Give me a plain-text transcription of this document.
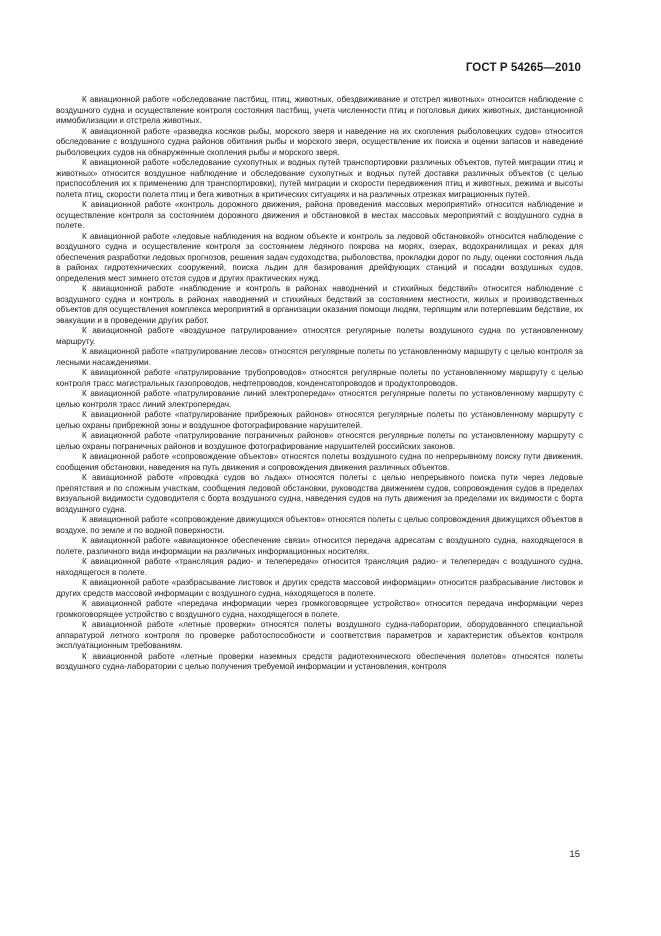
ГОСТ Р 54265—2010

К авиационной работе «обследование пастбищ, птиц, животных, обездвиживание и отстрел животных» относится наблюдение с воздушного судна и осуществление контроля состояния пастбищ, учета численности птиц и поголовья диких животных, дистанционной иммобилизации и отстрела животных.

К авиационной работе «разведка косяков рыбы, морского зверя и наведение на их скопления рыболовецких судов» относится обследование с воздушного судна районов обитания рыбы и морского зверя, осуществление их поиска и оценки запасов и наведение рыболовецких судов на обнаруженные скопления рыбы и морского зверя.

К авиационной работе «обследование сухопутных и водных путей транспортировки различных объектов, путей миграции птиц и животных» относится воздушное наблюдение и обследование сухопутных и водных путей доставки различных объектов (с целью приспособления их к применению для транспортировки), путей миграции и скорости передвижения птиц и животных, режима и высоты полета птиц, скорости полета птиц и бега животных в критических ситуациях и на различных отрезках миграционных путей.

К авиационной работе «контроль дорожного движения, района проведения массовых мероприятий» относится наблюдение и осуществление контроля за состоянием дорожного движения и обстановкой в местах массовых мероприятий с воздушного судна в полете.

К авиационной работе «ледовые наблюдения на водном объекте и контроль за ледовой обстановкой» относится наблюдение с воздушного судна и осуществление контроля за состоянием ледяного покрова на морях, озерах, водохранилищах и реках для обеспечения разработки ледовых прогнозов, решения задач судоходства, рыболовства, прокладки дорог по льду, оценки состояния льда в районах гидротехнических сооружений, поиска льдин для базирования дрейфующих станций и посадки воздушных судов, определения мест зимнего отстоя судов и других практических нужд.

К авиационной работе «наблюдение и контроль в районах наводнений и стихийных бедствий» относится наблюдение с воздушного судна и контроль в районах наводнений и стихийных бедствий за состоянием местности, жилых и производственных объектов для осуществления комплекса мероприятий в организации оказания помощи людям, терпящим или потерпевшим бедствие, их эвакуации и в проведении других работ.

К авиационной работе «воздушное патрулирование» относятся регулярные полеты воздушного судна по установленному маршруту.

К авиационной работе «патрулирование лесов» относятся регулярные полеты по установленному маршруту с целью контроля за лесными насаждениями.

К авиационной работе «патрулирование трубопроводов» относятся регулярные полеты по установленному маршруту с целью контроля трасс магистральных газопроводов, нефтепроводов, конденсатопроводов и продуктопроводов.

К авиационной работе «патрулирование линий электропередач» относятся регулярные полеты по установленному маршруту с целью контроля трасс линий электропередач.

К авиационной работе «патрулирование прибрежных районов» относятся регулярные полеты по установленному маршруту с целью охраны прибрежной зоны и воздушное фотографирование нарушителей.

К авиационной работе «патрулирование пограничных районов» относятся регулярные полеты по установленному маршруту с целью охраны пограничных районов и воздушное фотографирование нарушителей российских законов.

К авиационной работе «сопровождение объектов» относятся полеты воздушного судна по непрерывному поиску пути движения, сообщения обстановки, наведения на путь движения и сопровождения движения различных объектов.

К авиационной работе «проводка судов во льдах» относятся полеты с целью непрерывного поиска пути через ледовые препятствия и по сложным участкам, сообщения ледовой обстановки, руководства движением судов, сопровождения судов в пределах визуальной видимости судоводителя с борта воздушного судна, наведения судов на путь движения за пределами их видимости с борта воздушного судна.

К авиационной работе «сопровождение движущихся объектов» относятся полеты с целью сопровождения движущихся объектов в воздухе, по земле и по водной поверхности.

К авиационной работе «авиационное обеспечение связи» относится передача адресатам с воздушного судна, находящегося в полете, различного вида информации на различных информационных носителях.

К авиационной работе «трансляция радио- и телепередач» относится трансляция радио- и телепередач с воздушного судна, находящегося в полете.

К авиационной работе «разбрасывание листовок и других средств массовой информации» относится разбрасывание листовок и других средств массовой информации с воздушного судна, находящегося в полете.

К авиационной работе «передача информации через громкоговорящее устройство» относится передача информации через громкоговорящее устройство с воздушного судна, находящегося в полете.

К авиационной работе «летные проверки» относятся полеты воздушного судна-лаборатории, оборудованного специальной аппаратурой летного контроля по проверке работоспособности и соответствия параметров и характеристик объектов контроля эксплуатационным требованиям.

К авиационной работе «летные проверки наземных средств радиотехнического обеспечения полетов» относятся полеты воздушного судна-лаборатории с целью получения требуемой информации и установления, контроля

15
